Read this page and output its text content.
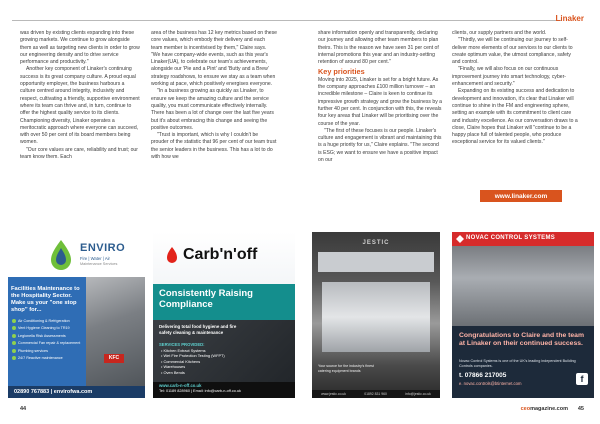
Linaker

was driven by existing clients expanding into these growing markets. We continue to grow alongside them as well as targeting new clients in order to grow our engineering density and to drive service performance and productivity."

Another key component of Linaker's continuing success is its great company culture. A proud equal opportunity employer, the business harbours a culture centred around integrity, inclusivity and respect, cultivating a friendly, supportive environment where its team can thrive and, in turn, continue to offer the highest quality service to its clients. Championing diversity, Linaker operates a meritocratic approach where everyone can succeed, with over 50 per cent of its board members being women.

"Our core values are care, reliability and trust; our team know them. Each

area of the business has 12 key metrics based on these core values, which embody their delivery and each team member is incentivised by them," Claire says. "We have company-wide events, such as this year's Linaker(UA), to celebrate our team's achievements, alongside our 'Pie and a Pint' and 'Butty and a Brew' strategy roadshows, to ensure we stay as a team when working at pace, which positively energises everyone.

"In a business growing as quickly as Linaker, to ensure we keep the amazing culture and the service quality, you must communicate effectively internally. There has been a lot of change over the last five years but it's about embracing this change and seeing the positive outcomes.

"Trust is important, which is why I couldn't be prouder of the statistic that 96 per cent of our team trust the senior leaders in the business. This has a lot to do with how we

share information openly and transparently, declaring our journey and allowing other team members to plan theirs. This is the reason we have seen 31 per cent of internal promotions this year and an industry-setting retention of around 80 per cent."

Key priorities

Moving into 2025, Linaker is set for a bright future. As the company approaches £100 million turnover – an incredible milestone – Claire is keen to continue its impressive growth strategy and grow the business by a further 40 per cent. In conjunction with this, the reveals four key areas that Linaker will be prioritising over the course of the year.

"The first of these focuses is our people. Linaker's culture and engagement is vibrant and maintaining this is a huge priority for us," Claire explains. "The second is ESG; we want to ensure we have a positive impact on our

clients, our supply partners and the world.

"Thirdly, we will be continuing our journey to self-deliver more elements of our services to our clients to create optimum value, the utmost compliance, safety and control.

"Finally, we will also focus on our continuous improvement journey into smart technology, cyber-enhancement and security."

Expanding on its existing success and dedication to development and innovation, it's clear that Linaker will continue to shine in the FM and engineering sphere, setting an example with its commitment to client care and industry excellence. As our conversation draws to a close, Claire hopes that Linaker will "continue to be a happy place full of talented people, who produce exceptional service for its valued clients."

www.linaker.com
ENVIRO
Fire | Water | Air
Maintenance Services
KFC
Facilities Maintenance to the Hospitality Sector. Make us your "one stop shop" for...
Air Conditioning & Refrigeration
Vent Hygiene Cleaning to TR19
Legionella Risk Assessments
Commercial Fan repair & replacement
Plumbing services
24/7 Reactive maintenance
02890 767883 | envirofwa.com
Carb'n'off
Consistently Raising Compliance
Delivering total food hygiene and fire safety cleaning & maintenance
SERVICES PROVIDED:
• Kitchen Extract Systems
• Wet Fire Protection Testing (WFPT)
• Commercial Kitchens
• Warehouses
• Oven Bends
www.carb-n-off.co.uk
Tel: 01189 828960 | Email: info@carb-n-off.co.uk
JESTIC
Your source for the industry's finest catering equipment brands
www.jestic.co.uk	01892 831 960	info@jestic.co.uk
NOVAC CONTROL SYSTEMS
Congratulations to Claire and the team at Linaker on their continued success.
Novac Control Systems is one of the UK's leading independent Building Controls companies.
t. 07866 217005
e. novac.controls@btinternet.com	f
44	ceomagazine.com 45
